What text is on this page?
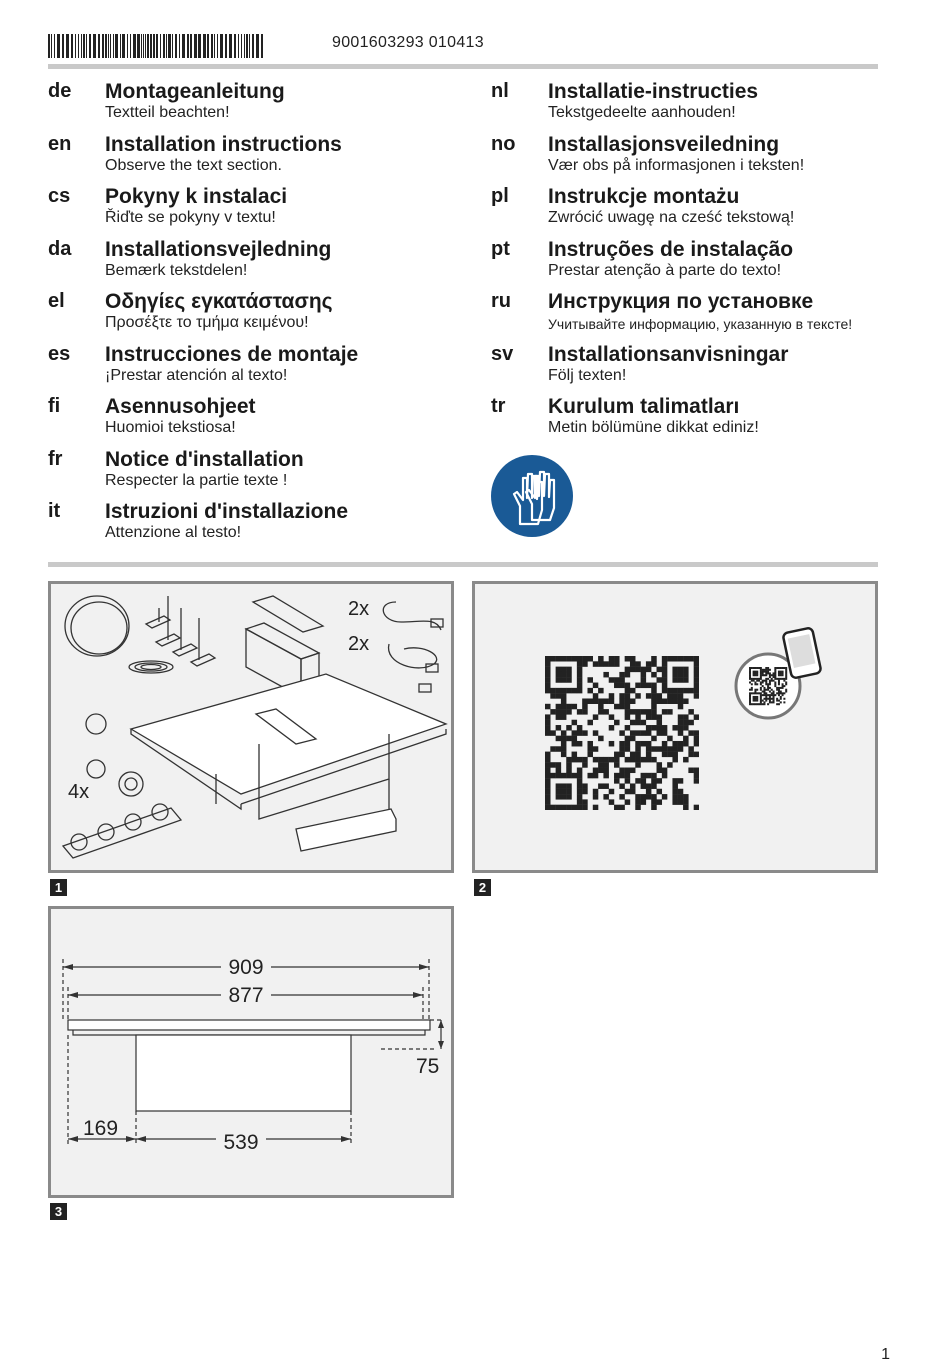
9001603293 010413
de Montageanleitung
Textteil beachten!
en Installation instructions
Observe the text section.
cs Pokyny k instalaci
Řiďte se pokyny v textu!
da Installationsvejledning
Bemærk tekstdelen!
el Οδηγίες εγκατάστασης
Προσέξτε το τμήμα κειμένου!
es Instrucciones de montaje
¡Prestar atención al texto!
fi Asennusohjeet
Huomioi tekstiosa!
fr Notice d'installation
Respecter la partie texte !
it Istruzioni d'installazione
Attenzione al testo!
nl Installatie-instructies
Tekstgedeelte aanhouden!
no Installasjonsveiledning
Vær obs på informasjonen i teksten!
pl Instrukcje montażu
Zwrócić uwagę na cześć tekstową!
pt Instruções de instalação
Prestar atenção à parte do texto!
ru Инструкция по установке
Учитывайте информацию, указанную в тексте!
sv Installationsanvisningar
Följ texten!
tr Kurulum talimatları
Metin bölümüne dikkat ediniz!
2x
2x
4x
1	2
909
877
75
169
539
3
1
